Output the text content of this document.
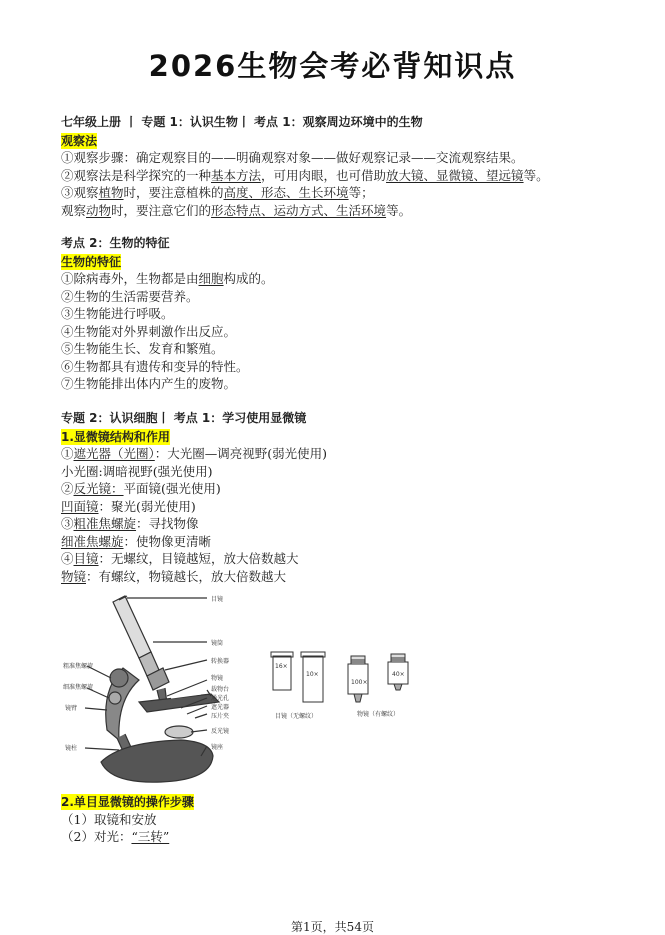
2026生物会考必背知识点
七年级上册 丨 专题 1：认识生物丨 考点 1：观察周边环境中的生物
观察法
①观察步骤：确定观察目的——明确观察对象——做好观察记录——交流观察结果。
②观察法是科学探究的一种基本方法，可用肉眼，也可借助放大镜、显微镜、望远镜等。
③观察植物时，要注意植株的高度、形态、生长环境等；
观察动物时，要注意它们的形态特点、运动方式、生活环境等。
考点 2：生物的特征
生物的特征
①除病毒外，生物都是由细胞构成的。
②生物的生活需要营养。
③生物能进行呼吸。
④生物能对外界刺激作出反应。
⑤生物能生长、发育和繁殖。
⑥生物都具有遗传和变异的特性。
⑦生物能排出体内产生的废物。
专题 2：认识细胞丨 考点 1：学习使用显微镜
1.显微镜结构和作用
①遮光器（光圈）：大光圈—调亮视野(弱光使用)
小光圈:调暗视野(强光使用)
②反光镜：平面镜(强光使用)
凹面镜：聚光(弱光使用)
③粗准焦螺旋：寻找物像
细准焦螺旋：使物像更清晰
④目镜：无螺纹，目镜越短，放大倍数越大
物镜：有螺纹，物镜越长，放大倍数越大
目镜
镜筒
转换器
物镜
载物台
通光孔
遮光器
压片夹
反光镜
镜座
粗准焦螺旋
细准焦螺旋
镜臂
镜柱
16×
10×
目镜（无螺纹）
100×
40×
物镜（有螺纹）
2.单目显微镜的操作步骤
（1）取镜和安放
（2）对光：“三转”
第1页，共54页
